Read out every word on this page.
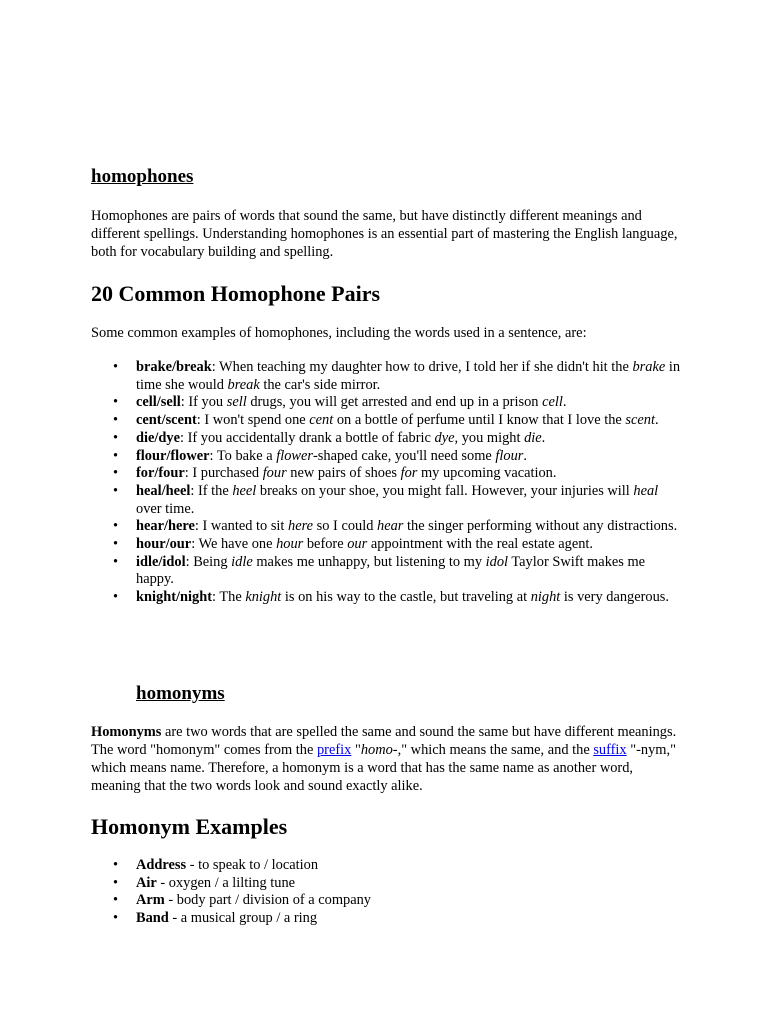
homophones

Homophones are pairs of words that sound the same, but have distinctly different meanings and different spellings. Understanding homophones is an essential part of mastering the English language, both for vocabulary building and spelling.

20 Common Homophone Pairs

Some common examples of homophones, including the words used in a sentence, are:

• brake/break: When teaching my daughter how to drive, I told her if she didn't hit the brake in time she would break the car's side mirror.
• cell/sell: If you sell drugs, you will get arrested and end up in a prison cell.
• cent/scent: I won't spend one cent on a bottle of perfume until I know that I love the scent.
• die/dye: If you accidentally drank a bottle of fabric dye, you might die.
• flour/flower: To bake a flower-shaped cake, you'll need some flour.
• for/four: I purchased four new pairs of shoes for my upcoming vacation.
• heal/heel: If the heel breaks on your shoe, you might fall. However, your injuries will heal over time.
• hear/here: I wanted to sit here so I could hear the singer performing without any distractions.
• hour/our: We have one hour before our appointment with the real estate agent.
• idle/idol: Being idle makes me unhappy, but listening to my idol Taylor Swift makes me happy.
• knight/night: The knight is on his way to the castle, but traveling at night is very dangerous.
homonyms

Homonyms are two words that are spelled the same and sound the same but have different meanings. The word "homonym" comes from the prefix "homo-," which means the same, and the suffix "-nym," which means name. Therefore, a homonym is a word that has the same name as another word, meaning that the two words look and sound exactly alike.

Homonym Examples
• Address - to speak to / location
• Air - oxygen / a lilting tune
• Arm - body part / division of a company
• Band - a musical group / a ring
